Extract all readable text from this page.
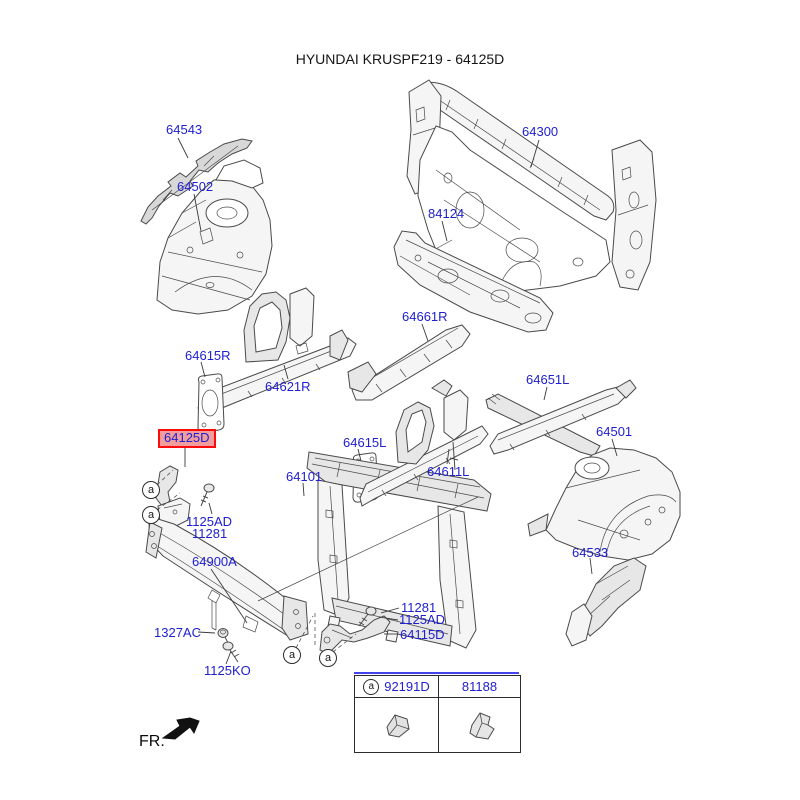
HYUNDAI KRUSPF219 - 64125D
64543
64502
64300
84124
64661R
64615R
64621R	64651L
64615L
64611L
64501
64125D
64101
1125AD
11281
64900A
64533
11281
1125AD
64115D
1327AC
1125KO
a
a
a	a
FR.
a 92191D	81188
